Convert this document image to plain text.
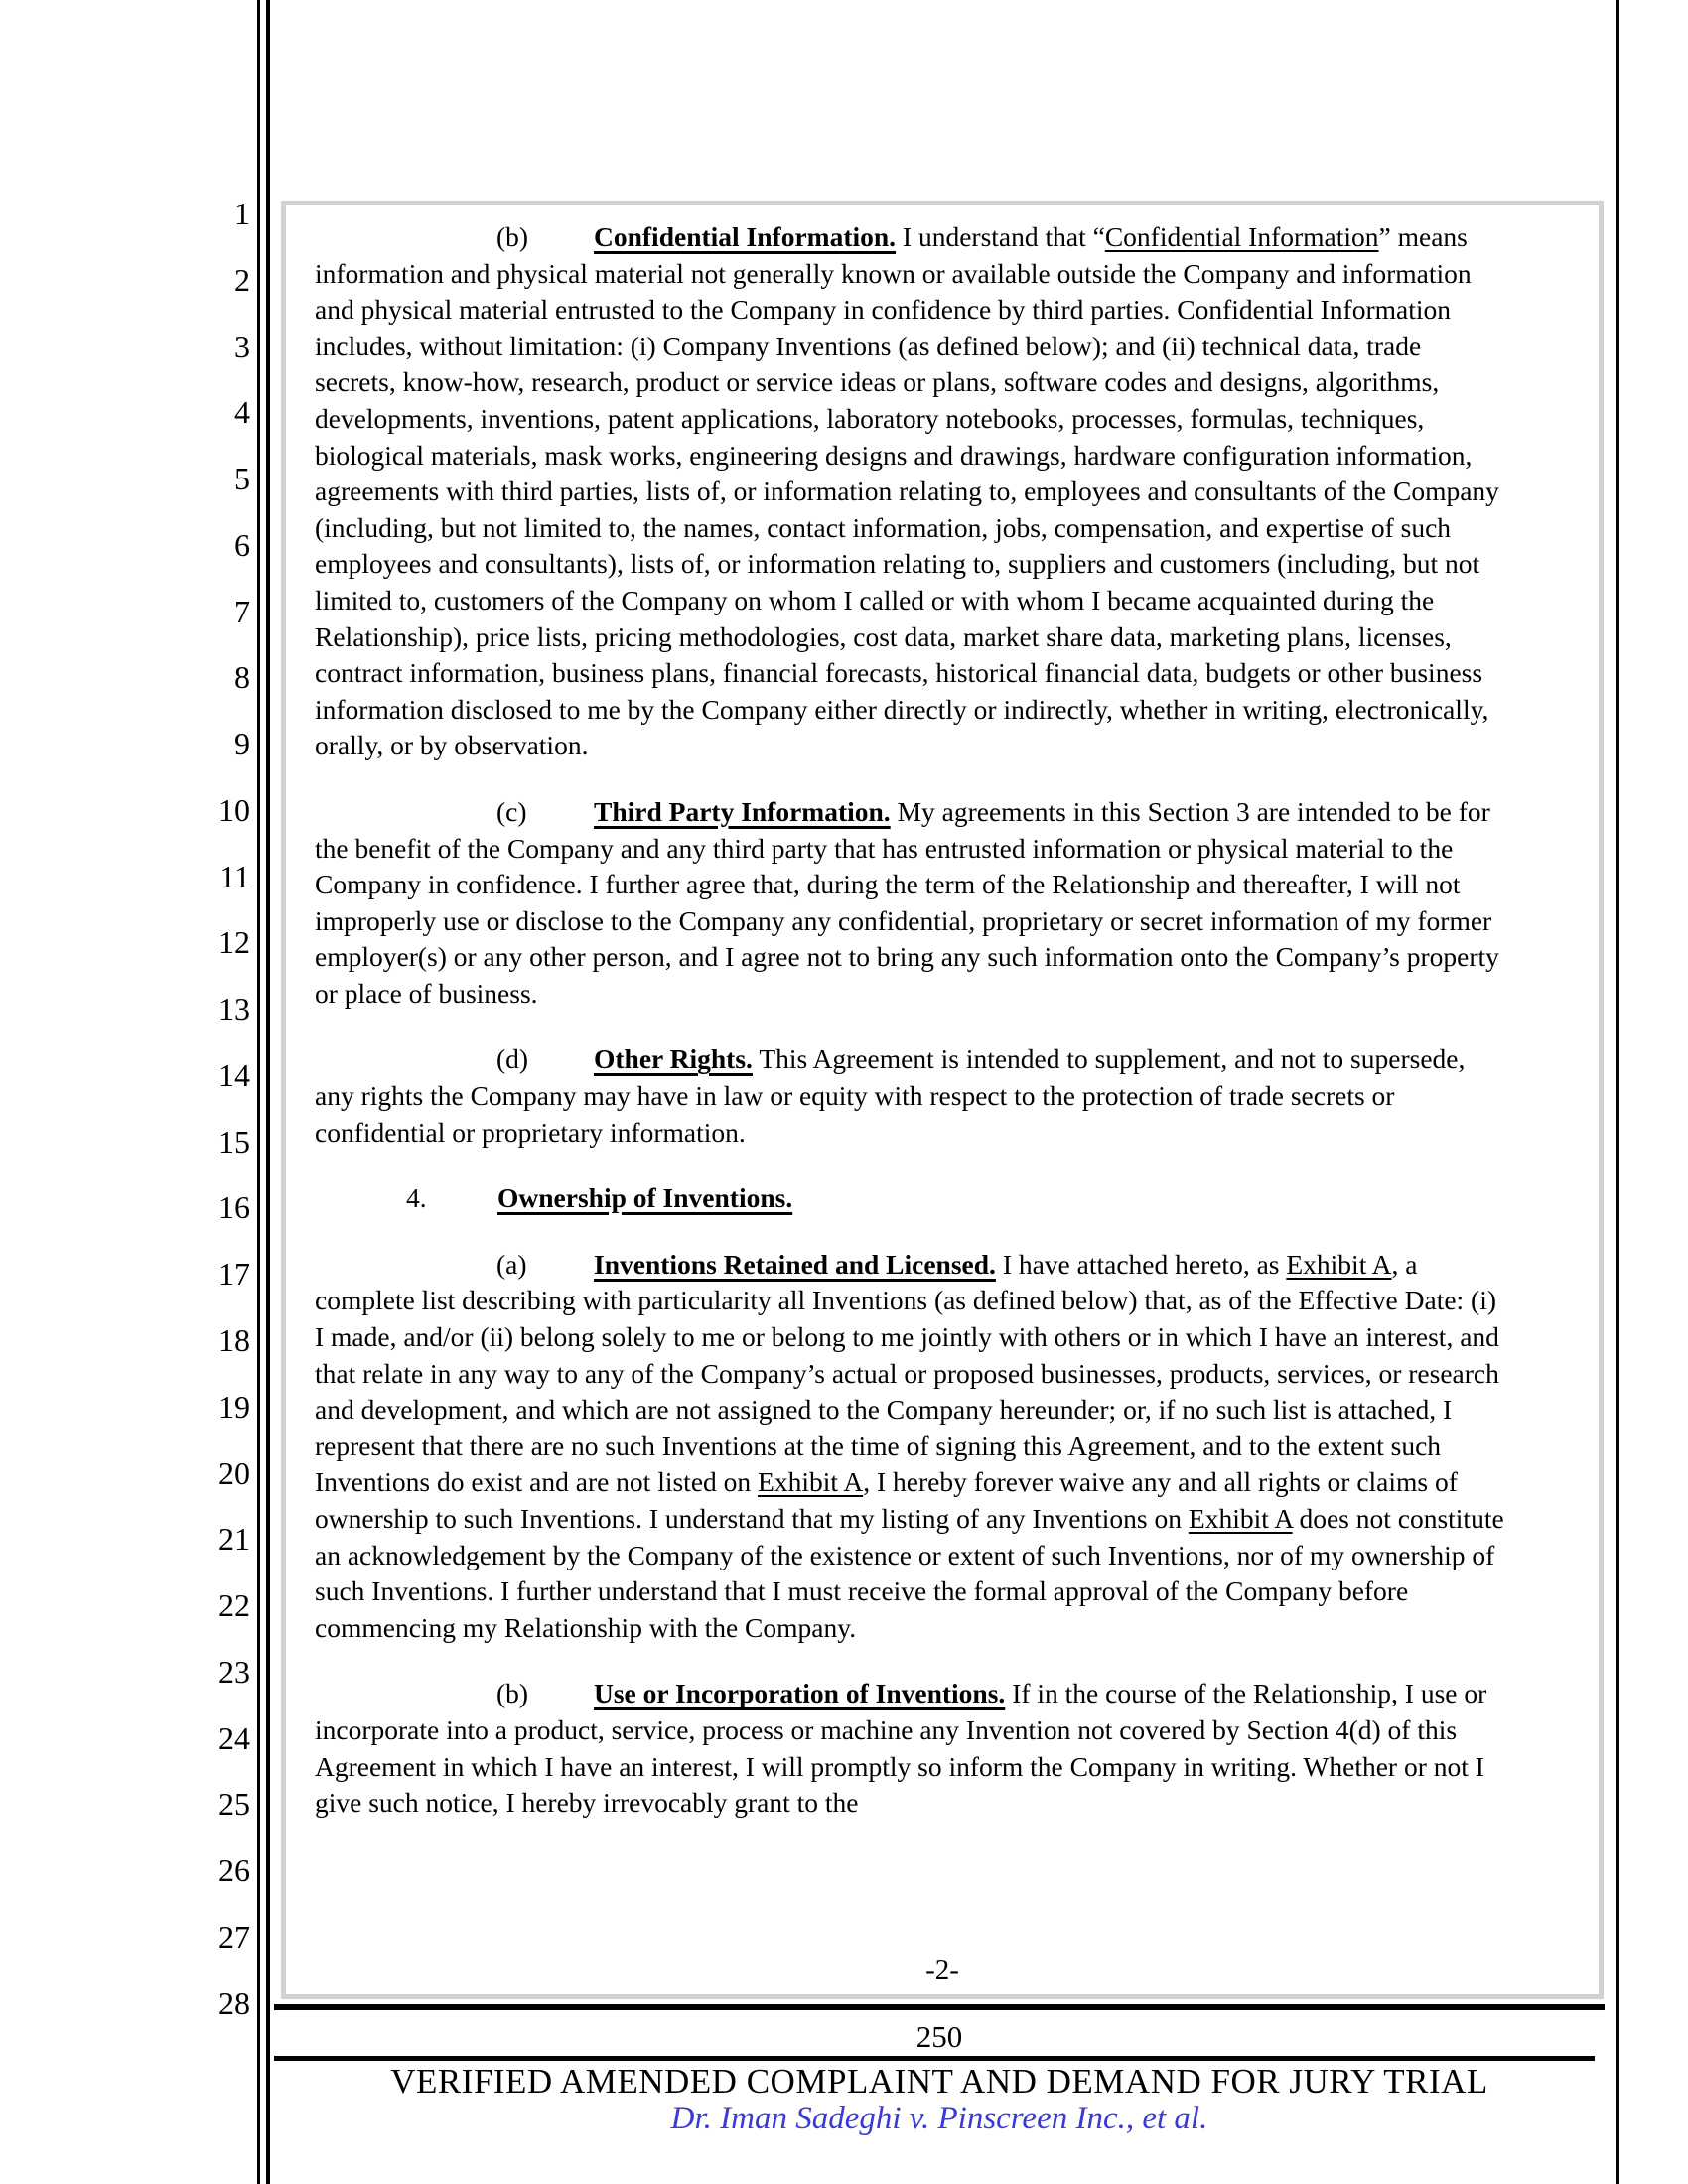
1
2
3
4
5
6
7
8
9
10
11
12
13
14
15
16
17
18
19
20
21
22
23
24
25
26
27
28

(b) Confidential Information. I understand that “Confidential Information” means information and physical material not generally known or available outside the Company and information and physical material entrusted to the Company in confidence by third parties. Confidential Information includes, without limitation: (i) Company Inventions (as defined below); and (ii) technical data, trade secrets, know-how, research, product or service ideas or plans, software codes and designs, algorithms, developments, inventions, patent applications, laboratory notebooks, processes, formulas, techniques, biological materials, mask works, engineering designs and drawings, hardware configuration information, agreements with third parties, lists of, or information relating to, employees and consultants of the Company (including, but not limited to, the names, contact information, jobs, compensation, and expertise of such employees and consultants), lists of, or information relating to, suppliers and customers (including, but not limited to, customers of the Company on whom I called or with whom I became acquainted during the Relationship), price lists, pricing methodologies, cost data, market share data, marketing plans, licenses, contract information, business plans, financial forecasts, historical financial data, budgets or other business information disclosed to me by the Company either directly or indirectly, whether in writing, electronically, orally, or by observation.

(c) Third Party Information. My agreements in this Section 3 are intended to be for the benefit of the Company and any third party that has entrusted information or physical material to the Company in confidence. I further agree that, during the term of the Relationship and thereafter, I will not improperly use or disclose to the Company any confidential, proprietary or secret information of my former employer(s) or any other person, and I agree not to bring any such information onto the Company’s property or place of business.

(d) Other Rights. This Agreement is intended to supplement, and not to supersede, any rights the Company may have in law or equity with respect to the protection of trade secrets or confidential or proprietary information.

4.	Ownership of Inventions.

(a) Inventions Retained and Licensed. I have attached hereto, as Exhibit A, a complete list describing with particularity all Inventions (as defined below) that, as of the Effective Date: (i) I made, and/or (ii) belong solely to me or belong to me jointly with others or in which I have an interest, and that relate in any way to any of the Company’s actual or proposed businesses, products, services, or research and development, and which are not assigned to the Company hereunder; or, if no such list is attached, I represent that there are no such Inventions at the time of signing this Agreement, and to the extent such Inventions do exist and are not listed on Exhibit A, I hereby forever waive any and all rights or claims of ownership to such Inventions. I understand that my listing of any Inventions on Exhibit A does not constitute an acknowledgement by the Company of the existence or extent of such Inventions, nor of my ownership of such Inventions. I further understand that I must receive the formal approval of the Company before commencing my Relationship with the Company.

(b) Use or Incorporation of Inventions. If in the course of the Relationship, I use or incorporate into a product, service, process or machine any Invention not covered by Section 4(d) of this Agreement in which I have an interest, I will promptly so inform the Company in writing. Whether or not I give such notice, I hereby irrevocably grant to the

-2-
250
VERIFIED AMENDED COMPLAINT AND DEMAND FOR JURY TRIAL
Dr. Iman Sadeghi v. Pinscreen Inc., et al.
